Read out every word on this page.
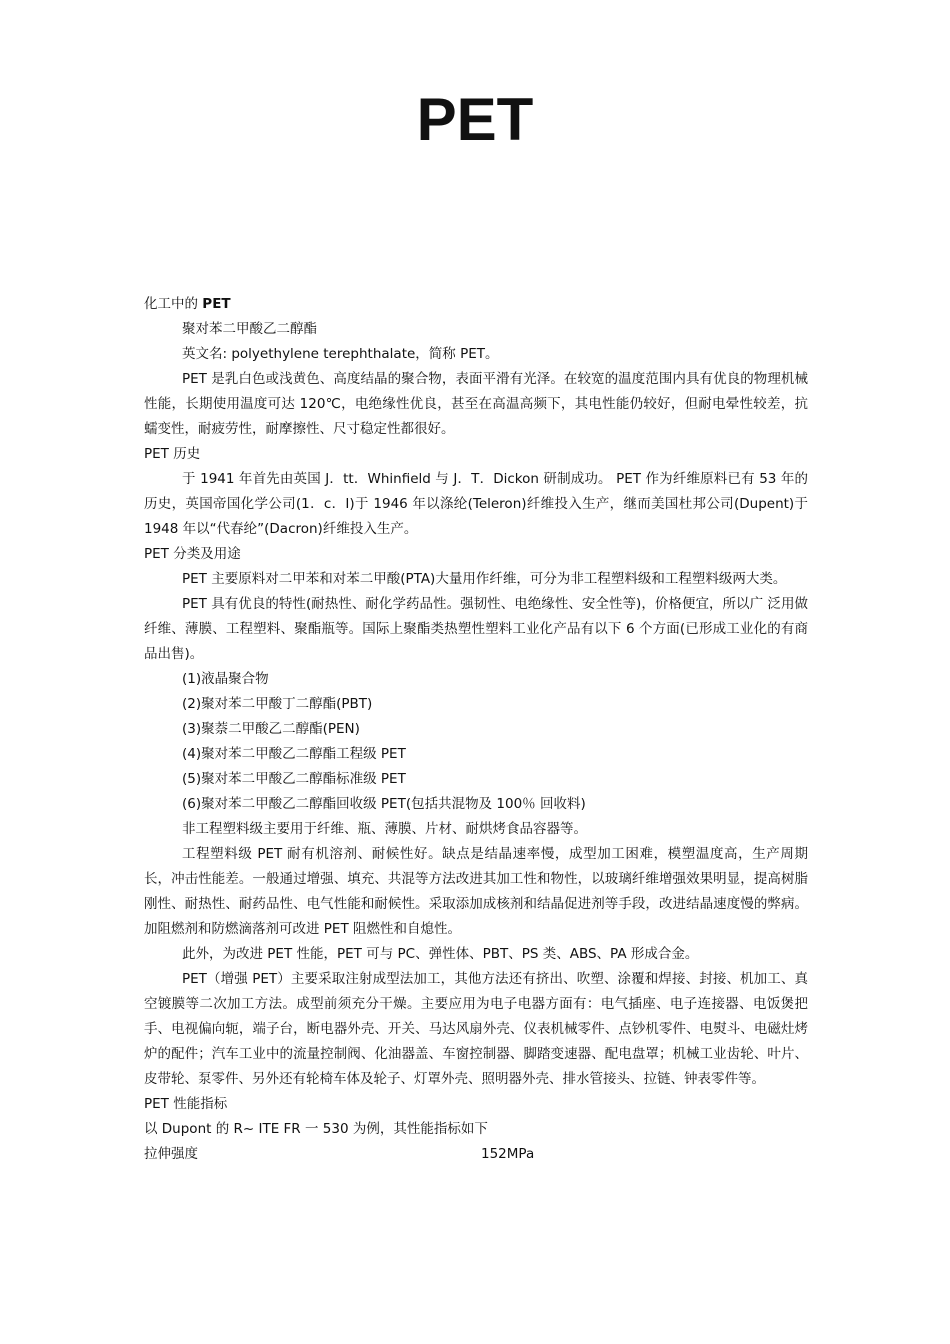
PET

化工中的 PET

聚对苯二甲酸乙二醇酯

英文名: polyethylene terephthalate，简称 PET。

PET 是乳白色或浅黄色、高度结晶的聚合物，表面平滑有光泽。在较宽的温度范围内具有优良的物理机械性能，长期使用温度可达 120℃，电绝缘性优良，甚至在高温高频下，其电性能仍较好，但耐电晕性较差，抗蠕变性，耐疲劳性，耐摩擦性、尺寸稳定性都很好。

PET 历史

于 1941 年首先由英国 J．tt．Whinfield 与 J．T．Dickon 研制成功。 PET 作为纤维原料已有 53 年的历史，英国帝国化学公司(1．c．I)于 1946 年以涤纶(Teleron)纤维投入生产，继而美国杜邦公司(Dupent)于 1948 年以“代春纶”(Dacron)纤维投入生产。

PET 分类及用途

PET 主要原料对二甲苯和对苯二甲酸(PTA)大量用作纤维，可分为非工程塑料级和工程塑料级两大类。

PET 具有优良的特性(耐热性、耐化学药品性。强韧性、电绝缘性、安全性等)，价格便宜，所以广 泛用做纤维、薄膜、工程塑料、聚酯瓶等。国际上聚酯类热塑性塑料工业化产品有以下 6 个方面(已形成工业化的有商品出售)。

(1)液晶聚合物

(2)聚对苯二甲酸丁二醇酯(PBT)

(3)聚萘二甲酸乙二醇酯(PEN)

(4)聚对苯二甲酸乙二醇酯工程级 PET

(5)聚对苯二甲酸乙二醇酯标准级 PET

(6)聚对苯二甲酸乙二醇酯回收级 PET(包括共混物及 100％ 回收料)

非工程塑料级主要用于纤维、瓶、薄膜、片材、耐烘烤食品容器等。

工程塑料级 PET 耐有机溶剂、耐候性好。缺点是结晶速率慢，成型加工困难，模塑温度高，生产周期长，冲击性能差。一般通过增强、填充、共混等方法改进其加工性和物性，以玻璃纤维增强效果明显，提高树脂刚性、耐热性、耐药品性、电气性能和耐候性。采取添加成核剂和结晶促进剂等手段，改进结晶速度慢的弊病。加阻燃剂和防燃滴落剂可改进 PET 阻燃性和自熄性。

此外，为改进 PET 性能，PET 可与 PC、弹性体、PBT、PS 类、ABS、PA 形成合金。

PET（增强 PET）主要采取注射成型法加工，其他方法还有挤出、吹塑、涂覆和焊接、封接、机加工、真空镀膜等二次加工方法。成型前须充分干燥。主要应用为电子电器方面有：电气插座、电子连接器、电饭煲把手、电视偏向轭，端子台，断电器外壳、开关、马达风扇外壳、仪表机械零件、点钞机零件、电熨斗、电磁灶烤炉的配件；汽车工业中的流量控制阀、化油器盖、车窗控制器、脚踏变速器、配电盘罩；机械工业齿轮、叶片、皮带轮、泵零件、另外还有轮椅车体及轮子、灯罩外壳、照明器外壳、排水管接头、拉链、钟表零件等。

PET 性能指标

以 Dupont 的 R~ ITE FR 一 530 为例，其性能指标如下

拉伸强度	152MPa
